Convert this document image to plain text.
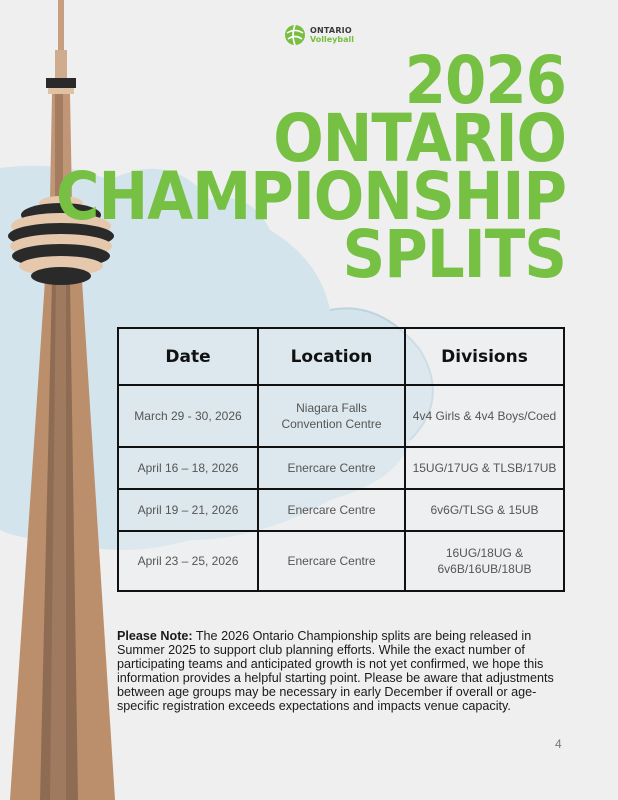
ONTARIO
Volleyball
2026
ONTARIO
CHAMPIONSHIP
SPLITS
Date	Location	Divisions
March 29 - 30, 2026	Niagara Falls Convention Centre	4v4 Girls & 4v4 Boys/Coed
April 16 – 18, 2026	Enercare Centre	15UG/17UG & TLSB/17UB
April 19 – 21, 2026	Enercare Centre	6v6G/TLSG & 15UB
April 23 – 25, 2026	Enercare Centre	16UG/18UG & 6v6B/16UB/18UB
Please Note: The 2026 Ontario Championship splits are being released in Summer 2025 to support club planning efforts. While the exact number of participating teams and anticipated growth is not yet confirmed, we hope this information provides a helpful starting point. Please be aware that adjustments between age groups may be necessary in early December if overall or age-specific registration exceeds expectations and impacts venue capacity.
4
